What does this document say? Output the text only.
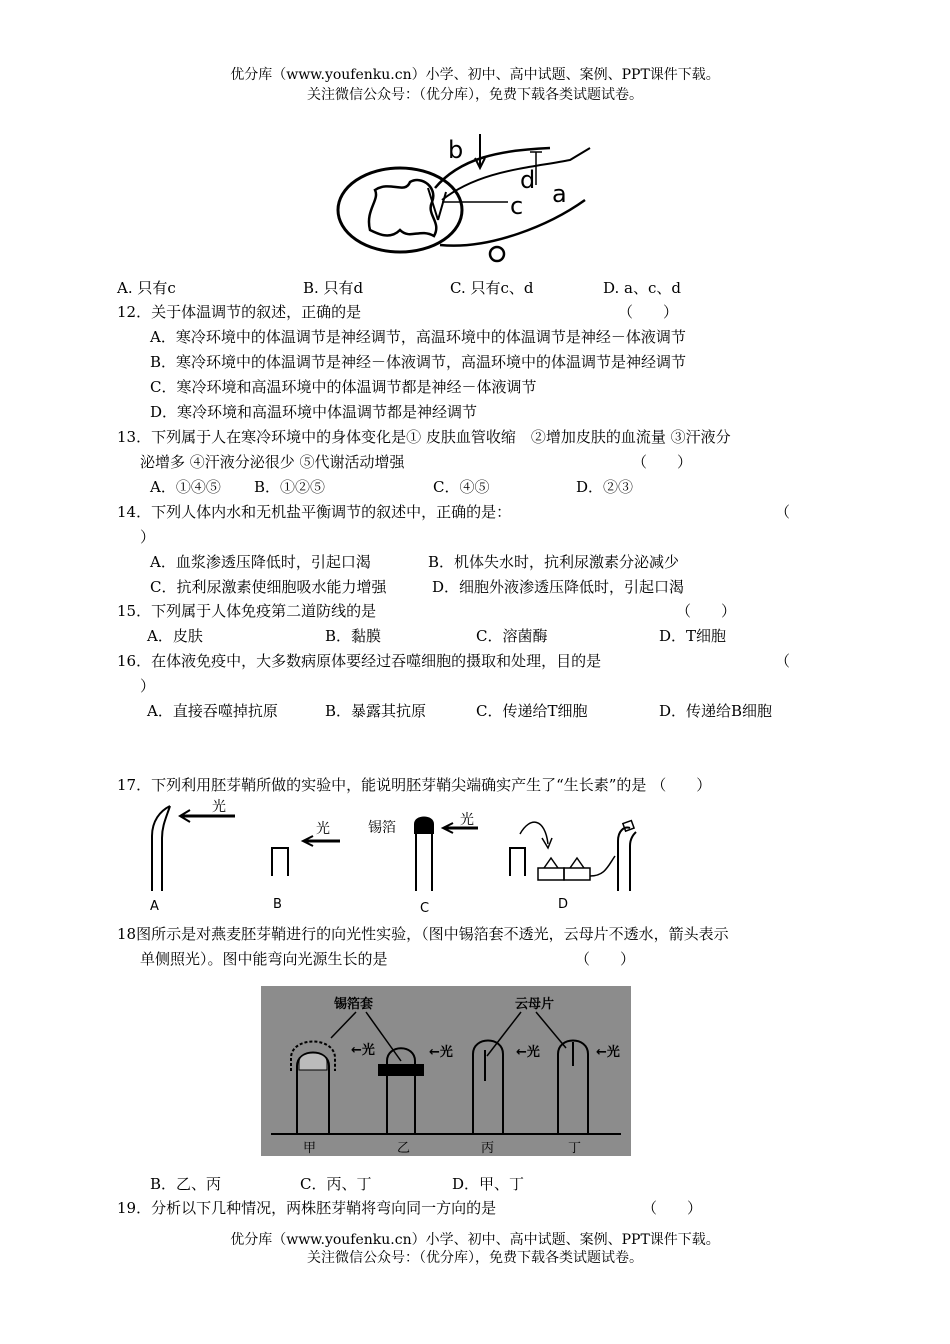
优分库（www.youfenku.cn）小学、初中、高中试题、案例、PPT课件下载。
关注微信公众号：（优分库），免费下载各类试题试卷。
b
d
c a
A. 只有c	B. 只有d	C. 只有c、d	D. a、c、d
12．关于体温调节的叙述，正确的是	（　　）
A．寒冷环境中的体温调节是神经调节，高温环境中的体温调节是神经－体液调节
B．寒冷环境中的体温调节是神经－体液调节，高温环境中的体温调节是神经调节
C．寒冷环境和高温环境中的体温调节都是神经－体液调节
D．寒冷环境和高温环境中体温调节都是神经调节
13．下列属于人在寒冷环境中的身体变化是① 皮肤血管收缩　②增加皮肤的血流量 ③汗液分
泌增多 ④汗液分泌很少 ⑤代谢活动增强	（　　）
A．①④⑤ B．①②⑤	C．④⑤	D．②③
14．下列人体内水和无机盐平衡调节的叙述中，正确的是：	（
）
A．血浆渗透压降低时，引起口渴	B．机体失水时，抗利尿激素分泌减少
C．抗利尿激素使细胞吸水能力增强	D．细胞外液渗透压降低时，引起口渴
15．下列属于人体免疫第二道防线的是	（　　）
A．皮肤	B．黏膜	C．溶菌酶	D．T细胞
16．在体液免疫中，大多数病原体要经过吞噬细胞的摄取和处理，目的是	（
）
A．直接吞噬掉抗原	B．暴露其抗原	C．传递给T细胞	D．传递给B细胞
17．下列利用胚芽鞘所做的实验中，能说明胚芽鞘尖端确实产生了“生长素”的是 （　　）
光
A
光
B
锡箔	光
C	D
18图所示是对燕麦胚芽鞘进行的向光性实验，（图中锡箔套不透光，云母片不透水，箭头表示
单侧照光）。图中能弯向光源生长的是	（　　）
锡箔套	云母片
←光
甲
←光
乙
←光
丙
←光
丁
B．乙、丙	C．丙、丁	D．甲、丁
19．分析以下几种情况，两株胚芽鞘将弯向同一方向的是	（　　）
优分库（www.youfenku.cn）小学、初中、高中试题、案例、PPT课件下载。
关注微信公众号：（优分库），免费下载各类试题试卷。
